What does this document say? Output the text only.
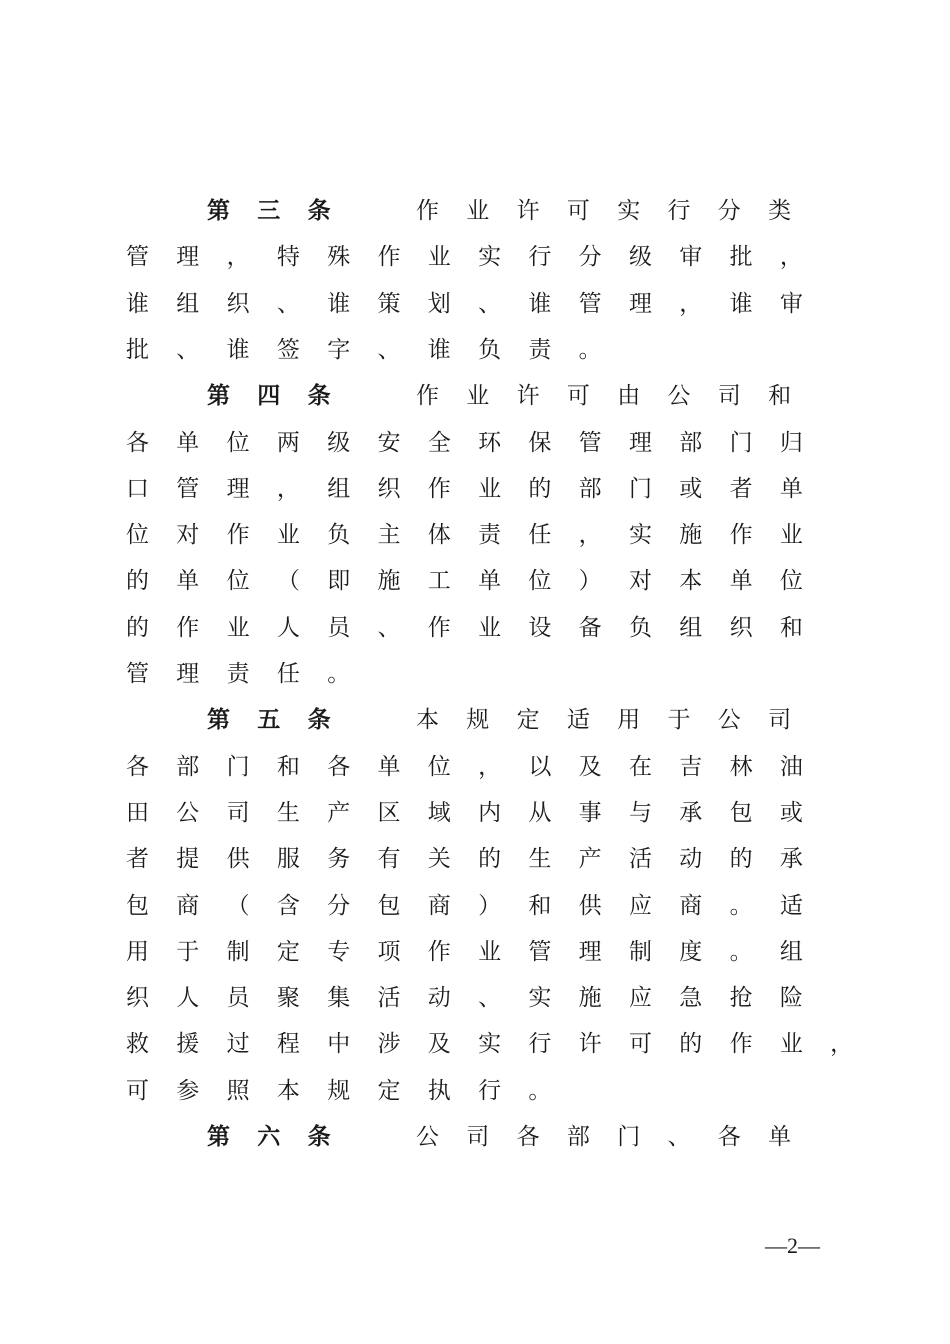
—2—
第 三 条	作 业 许 可 实 行 分 类
管 理 ， 特 殊 作 业 实 行 分 级 审 批 ，
谁 组 织 、 谁 策 划 、 谁 管 理 ， 谁 审
批 、 谁 签 字 、 谁 负 责 。
第 四 条	作 业 许 可 由 公 司 和
各 单 位 两 级 安 全 环 保 管 理 部 门 归
口 管 理 ， 组 织 作 业 的 部 门 或 者 单
位 对 作 业 负 主 体 责 任 ， 实 施 作 业
的 单 位 （ 即 施 工 单 位 ） 对 本 单 位
的 作 业 人 员 、 作 业 设 备 负 组 织 和
管 理 责 任 。
第 五 条	本 规 定 适 用 于 公 司
各 部 门 和 各 单 位 ， 以 及 在 吉 林 油
田 公 司 生 产 区 域 内 从 事 与 承 包 或
者 提 供 服 务 有 关 的 生 产 活 动 的 承
包 商 （ 含 分 包 商 ） 和 供 应 商 。 适
用 于 制 定 专 项 作 业 管 理 制 度 。 组
织 人 员 聚 集 活 动 、 实 施 应 急 抢 险
救 援 过 程 中 涉 及 实 行 许 可 的 作 业 ，
可 参 照 本 规 定 执 行 。
第 六 条	公 司 各 部 门 、 各 单
